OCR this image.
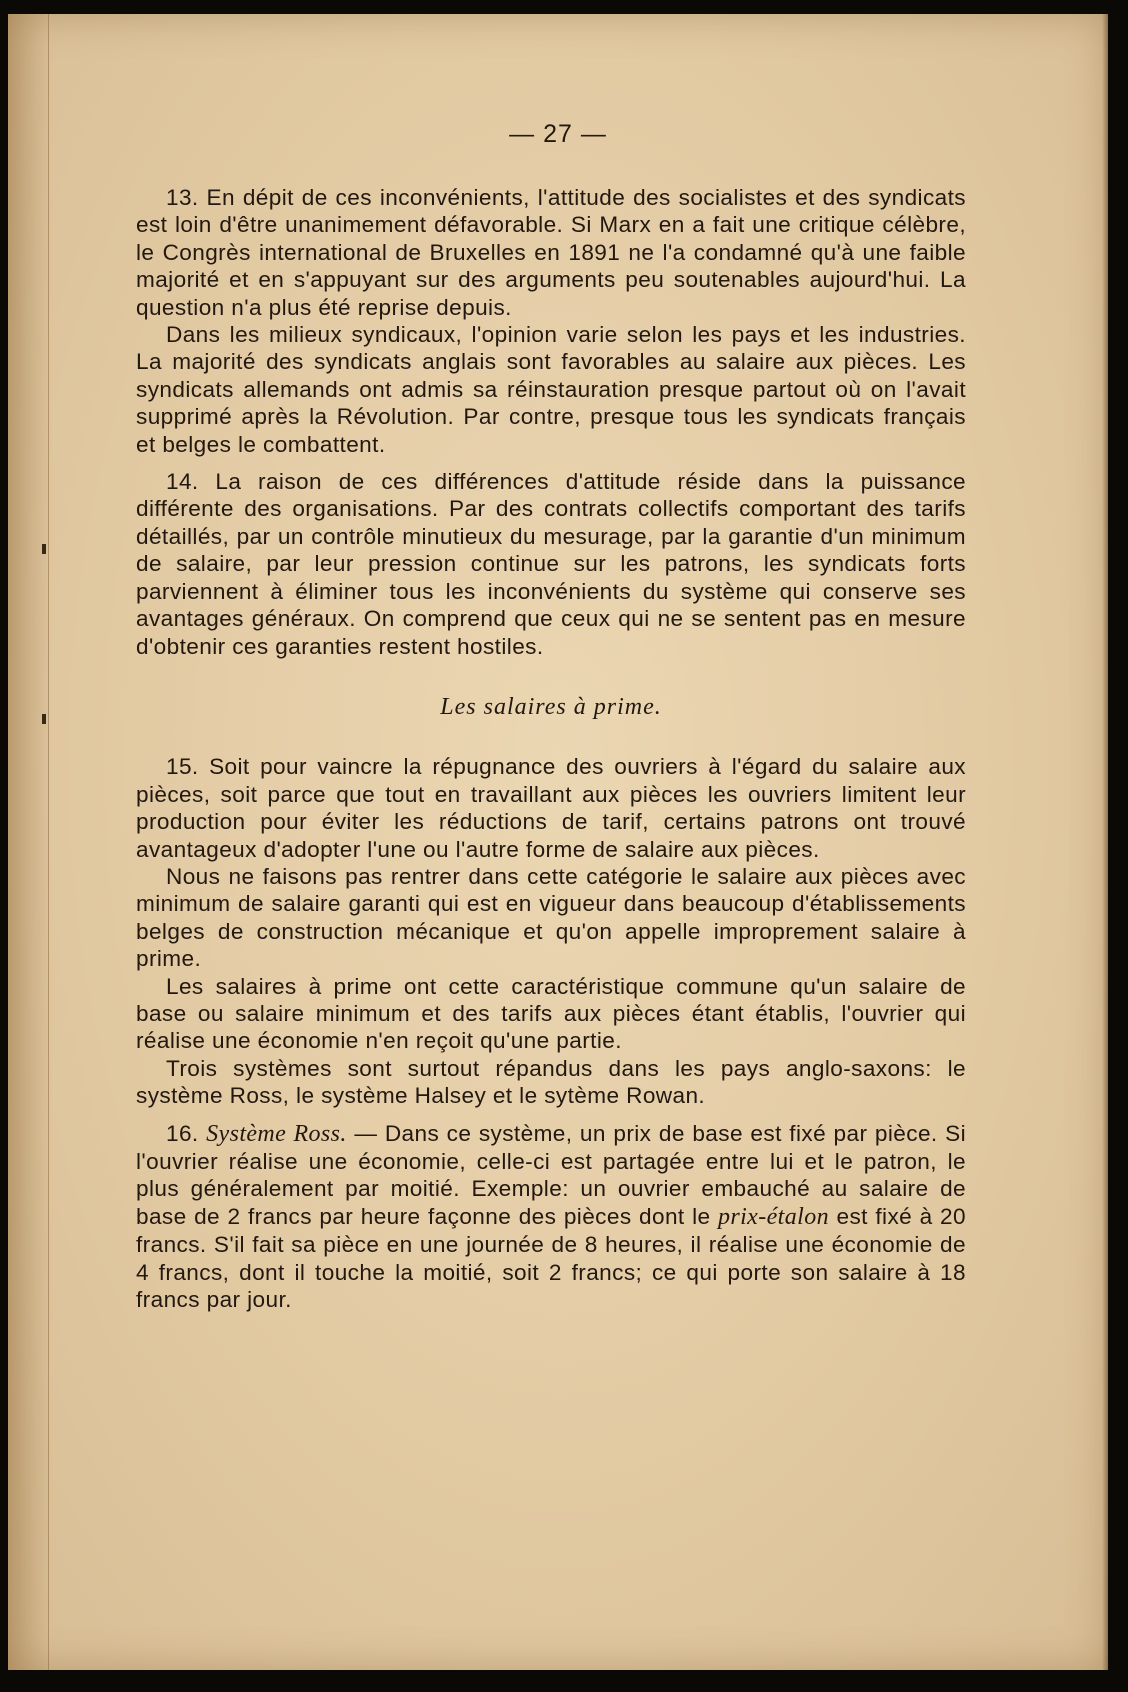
— 27 —

13. En dépit de ces inconvénients, l'attitude des socialistes et des syndicats est loin d'être unanimement défavorable. Si Marx en a fait une critique célèbre, le Congrès international de Bruxelles en 1891 ne l'a condamné qu'à une faible majorité et en s'appuyant sur des arguments peu soutenables aujourd'hui. La question n'a plus été reprise depuis.

Dans les milieux syndicaux, l'opinion varie selon les pays et les industries. La majorité des syndicats anglais sont favorables au salaire aux pièces. Les syndicats allemands ont admis sa réinstauration presque partout où on l'avait supprimé après la Révolution. Par contre, presque tous les syndicats français et belges le combattent.

14. La raison de ces différences d'attitude réside dans la puissance différente des organisations. Par des contrats collectifs comportant des tarifs détaillés, par un contrôle minutieux du mesurage, par la garantie d'un minimum de salaire, par leur pression continue sur les patrons, les syndicats forts parviennent à éliminer tous les inconvénients du système qui conserve ses avantages généraux. On comprend que ceux qui ne se sentent pas en mesure d'obtenir ces garanties restent hostiles.

Les salaires à prime.

15. Soit pour vaincre la répugnance des ouvriers à l'égard du salaire aux pièces, soit parce que tout en travaillant aux pièces les ouvriers limitent leur production pour éviter les réductions de tarif, certains patrons ont trouvé avantageux d'adopter l'une ou l'autre forme de salaire aux pièces.

Nous ne faisons pas rentrer dans cette catégorie le salaire aux pièces avec minimum de salaire garanti qui est en vigueur dans beaucoup d'établissements belges de construction mécanique et qu'on appelle improprement salaire à prime.

Les salaires à prime ont cette caractéristique commune qu'un salaire de base ou salaire minimum et des tarifs aux pièces étant établis, l'ouvrier qui réalise une économie n'en reçoit qu'une partie.

Trois systèmes sont surtout répandus dans les pays anglo-saxons: le système Ross, le système Halsey et le sytème Rowan.

16. Système Ross. — Dans ce système, un prix de base est fixé par pièce. Si l'ouvrier réalise une économie, celle-ci est partagée entre lui et le patron, le plus généralement par moitié. Exemple: un ouvrier embauché au salaire de base de 2 francs par heure façonne des pièces dont le prix-étalon est fixé à 20 francs. S'il fait sa pièce en une journée de 8 heures, il réalise une économie de 4 francs, dont il touche la moitié, soit 2 francs; ce qui porte son salaire à 18 francs par jour.
